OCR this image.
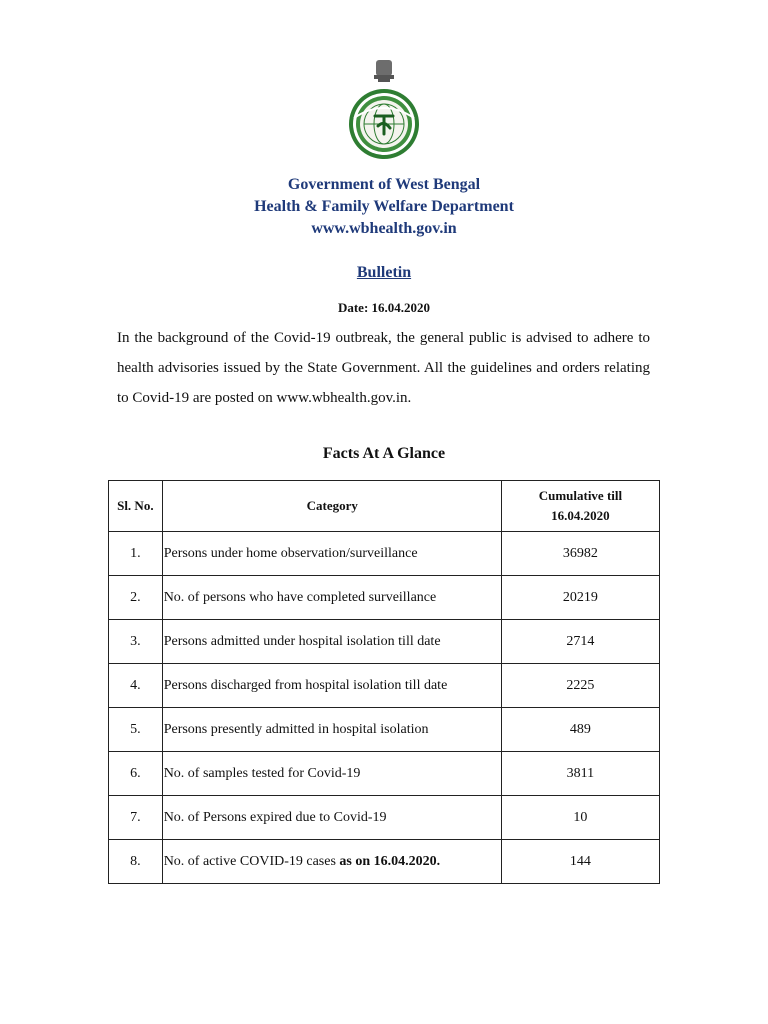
Government of West Bengal
Health & Family Welfare Department
www.wbhealth.gov.in
Bulletin
Date: 16.04.2020
In the background of the Covid-19 outbreak, the general public is advised to adhere to health advisories issued by the State Government. All the guidelines and orders relating to Covid-19 are posted on www.wbhealth.gov.in.
Facts At A Glance
Sl. No.	Category	Cumulative till
16.04.2020

1.	Persons under home observation/surveillance	36982
2.	No. of persons who have completed surveillance	20219
3.	Persons admitted under hospital isolation till date	2714
4.	Persons discharged from hospital isolation till date	2225
5.	Persons presently admitted in hospital isolation	489
6.	No. of samples tested for Covid-19	3811
7.	No. of Persons expired due to Covid-19	10
8.	No. of active COVID-19 cases as on 16.04.2020.	144
